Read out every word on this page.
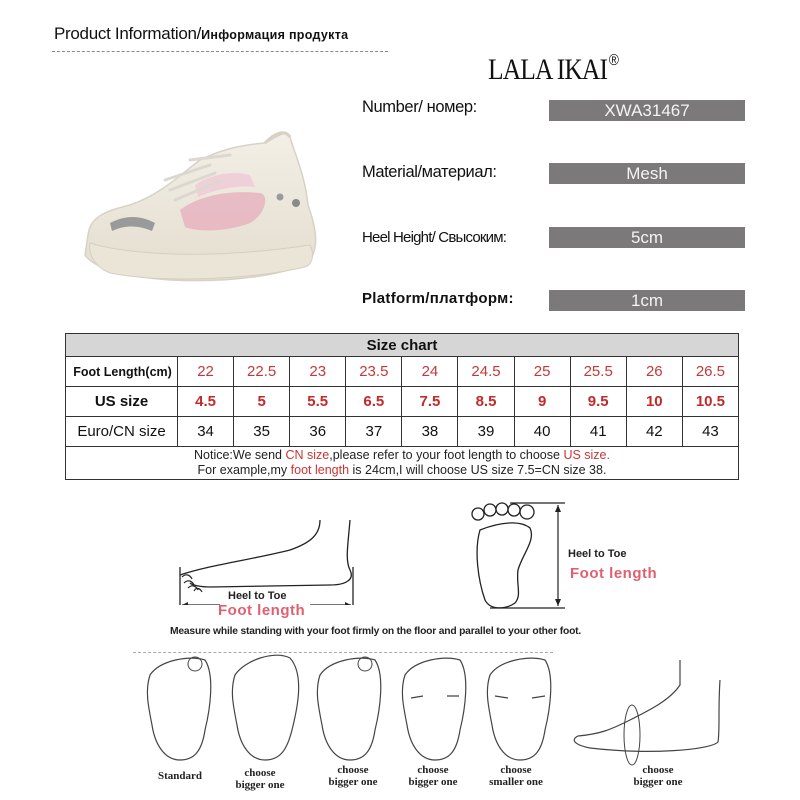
Product Information/Информация продукта
LALA IKAI ®
Number/ номер:	XWA31467
Material/материал:	Mesh
Heel Height/ Cвысоким:	5cm
Platform/платформ:	1cm
Size chart										
Foot Length(cm)	22	22.5	23	23.5	24	24.5	25	25.5	26	26.5
US size	4.5	5	5.5	6.5	7.5	8.5	9	9.5	10	10.5
Euro/CN size	34	35	36	37	38	39	40	41	42	43

Notice:We send CN size,please refer to your foot length to choose US size.
For example,my foot length is 24cm,I will choose US size 7.5=CN size 38.										
Heel to Toe
Foot length
Heel to Toe
Foot length
Measure while standing with your foot firmly on the floor and parallel to your other foot.
Standard	choose
bigger one
choose
bigger one
choose
bigger one
choose
smaller one
choose
bigger one
